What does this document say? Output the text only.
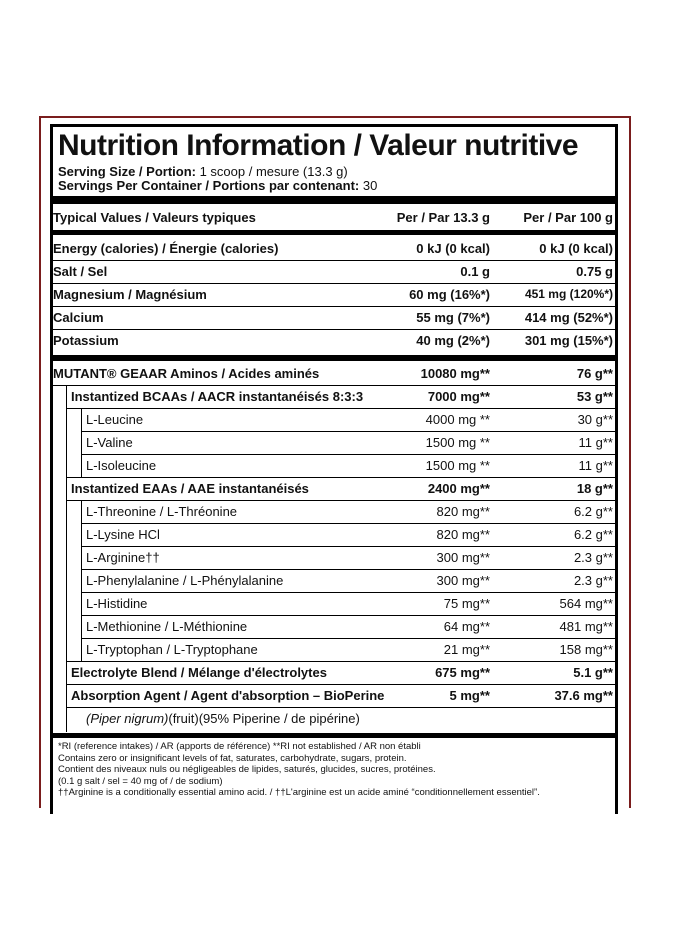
Nutrition Information / Valeur nutritive
Serving Size / Portion: 1 scoop / mesure (13.3 g)
Servings Per Container / Portions par contenant: 30
Typical Values / Valeurs typiques	Per / Par 13.3 g	Per / Par 100 g
Energy (calories) / Énergie (calories)	0 kJ (0 kcal)	0 kJ (0 kcal)
Salt / Sel	0.1 g	0.75 g
Magnesium / Magnésium	60 mg (16%*)	451 mg (120%*)
Calcium	55 mg (7%*)	414 mg (52%*)
Potassium	40 mg (2%*)	301 mg (15%*)
MUTANT® GEAAR Aminos / Acides aminés	10080 mg**	76 g**
Instantized BCAAs / AACR instantanéisés 8:3:3	7000 mg**	53 g**
L-Leucine	4000 mg **	30 g**
L-Valine	1500 mg **	11 g**
L-Isoleucine	1500 mg **	11 g**
Instantized EAAs / AAE instantanéisés	2400 mg**	18 g**
L-Threonine / L-Thréonine	820 mg**	6.2 g**
L-Lysine HCl	820 mg**	6.2 g**
L-Arginine††	300 mg**	2.3 g**
L-Phenylalanine / L-Phénylalanine	300 mg**	2.3 g**
L-Histidine	75 mg**	564 mg**
L-Methionine / L-Méthionine	64 mg**	481 mg**
L-Tryptophan / L-Tryptophane	21 mg**	158 mg**
Electrolyte Blend / Mélange d'électrolytes	675 mg**	5.1 g**
Absorption Agent / Agent d'absorption – BioPerine	5 mg**	37.6 mg**
(Piper nigrum)(fruit)(95% Piperine / de pipérine)
*RI (reference intakes) / AR (apports de référence) **RI not established / AR non établi
Contains zero or insignificant levels of fat, saturates, carbohydrate, sugars, protein.
Contient des niveaux nuls ou négligeables de lipides, saturés, glucides, sucres, protéines.
(0.1 g salt / sel = 40 mg of / de sodium)
††Arginine is a conditionally essential amino acid. / ††L'arginine est un acide aminé “conditionnellement essentiel”.
